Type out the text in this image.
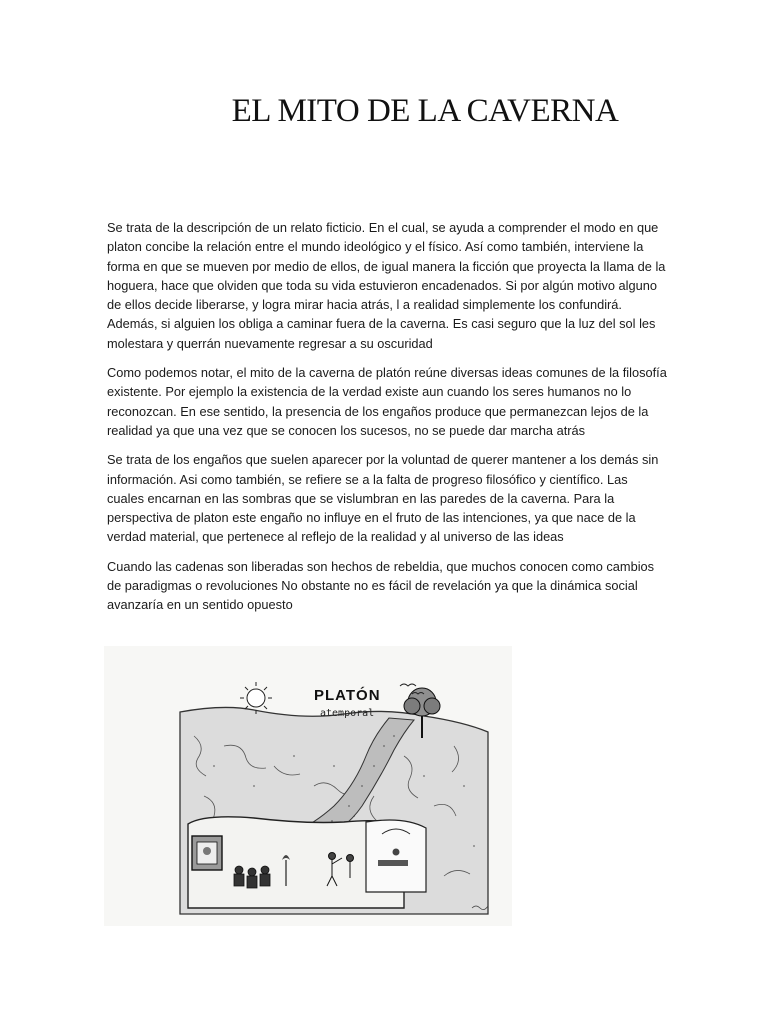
EL MITO DE LA CAVERNA

Se trata de la descripción de un relato ficticio. En el cual, se ayuda a comprender el modo en que platon concibe la relación entre el mundo ideológico y el físico. Así como también, interviene la forma en que se mueven por medio de ellos, de igual manera la ficción que proyecta la llama de la hoguera, hace que olviden que toda su vida estuvieron encadenados. Si por algún motivo alguno de ellos decide liberarse, y logra mirar hacia atrás, l a realidad simplemente los confundirá. Además, si alguien los obliga a caminar fuera de la caverna. Es casi seguro que la luz del sol les molestara y querrán nuevamente regresar a su oscuridad

Como podemos notar, el mito de la caverna de platón reúne diversas ideas comunes de la filosofía existente. Por ejemplo la existencia de la verdad existe aun cuando los seres humanos no lo reconozcan. En ese sentido, la presencia de los engaños produce que permanezcan lejos de la realidad ya que una vez que se conocen los sucesos, no se puede dar marcha atrás

Se trata de los engaños que suelen aparecer por la voluntad de querer mantener a los demás sin información. Asi como también, se refiere se a la falta de progreso filosófico y científico. Las cuales encarnan en las sombras que se vislumbran en las paredes de la caverna. Para la perspectiva de platon este engaño no influye en el fruto de las intenciones, ya que nace de la verdad material, que pertenece al reflejo de la realidad y al universo de las ideas

Cuando las cadenas son liberadas son hechos de rebeldia, que muchos conocen como cambios de paradigmas o revoluciones No obstante no es fácil de revelación ya que la dinámica social avanzaría en un sentido opuesto

PLATÓN
atemporal
